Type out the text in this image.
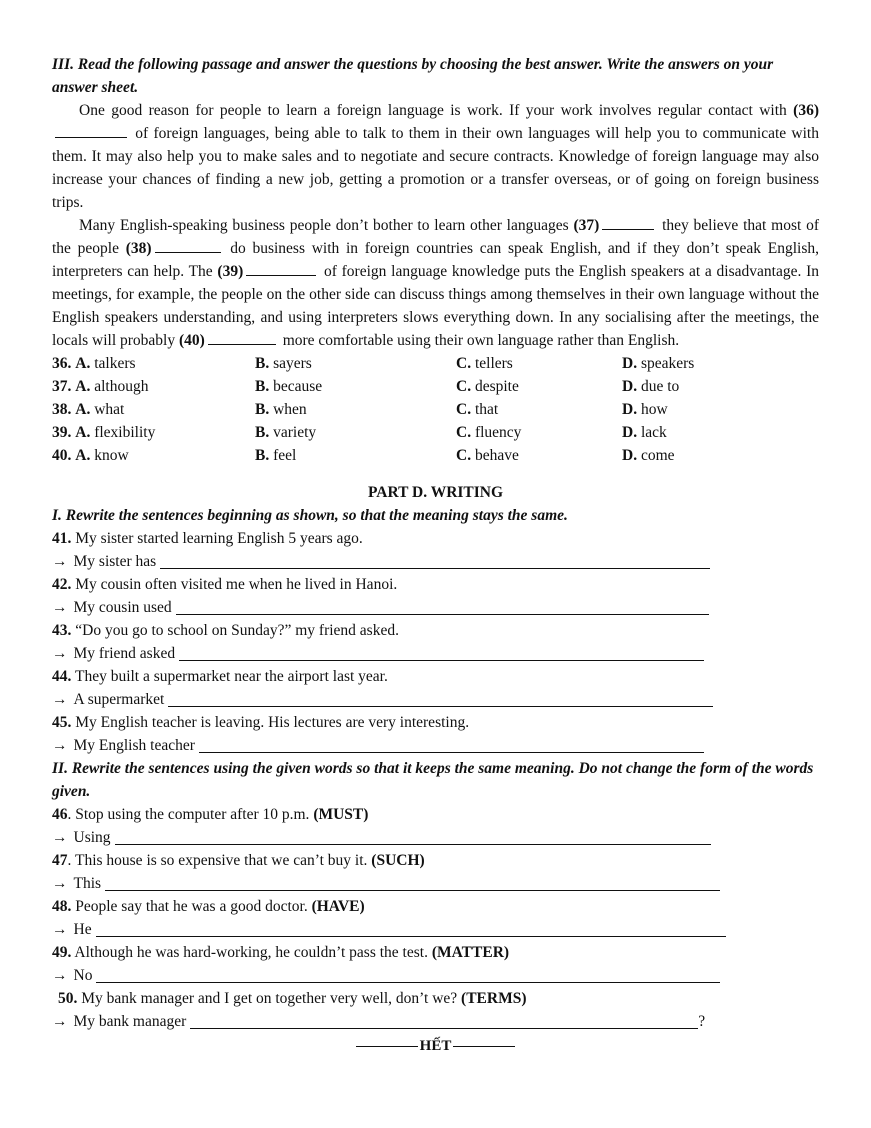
III. Read the following passage and answer the questions by choosing the best answer. Write the answers on your answer sheet.

One good reason for people to learn a foreign language is work. If your work involves regular contact with (36) of foreign languages, being able to talk to them in their own languages will help you to communicate with them. It may also help you to make sales and to negotiate and secure contracts. Knowledge of foreign language may also increase your chances of finding a new job, getting a promotion or a transfer overseas, or of going on foreign business trips.

Many English-speaking business people don’t bother to learn other languages (37)	they believe that most of the people (38)	do business with in foreign countries can speak English, and if they don’t speak English, interpreters can help. The (39)	of foreign language knowledge puts the English speakers at a disadvantage. In meetings, for example, the people on the other side can discuss things among themselves in their own language without the English speakers understanding, and using interpreters slows everything down. In any socialising after the meetings, the locals will probably (40)	more comfortable using their own language rather than English.

36. A. talkers	B. sayers	C. tellers	D. speakers
37. A. although	B. because	C. despite	D. due to
38. A. what	B. when	C. that	D. how
39. A. flexibility	B. variety	C. fluency	D. lack
40. A. know	B. feel	C. behave	D. come

PART D. WRITING

I. Rewrite the sentences beginning as shown, so that the meaning stays the same.

41. My sister started learning English 5 years ago.

→ My sister has

42. My cousin often visited me when he lived in Hanoi.

→ My cousin used

43. “Do you go to school on Sunday?” my friend asked.

→ My friend asked

44. They built a supermarket near the airport last year.

→ A supermarket

45. My English teacher is leaving. His lectures are very interesting.

→ My English teacher

II. Rewrite the sentences using the given words so that it keeps the same meaning. Do not change the form of the words given.

46. Stop using the computer after 10 p.m. (MUST)

→ Using

47. This house is so expensive that we can’t buy it. (SUCH)

→ This

48. People say that he was a good doctor. (HAVE)

→ He

49. Although he was hard-working, he couldn’t pass the test. (MATTER)

→ No

50. My bank manager and I get on together very well, don’t we? (TERMS)

→ My bank manager	?
HẾT
